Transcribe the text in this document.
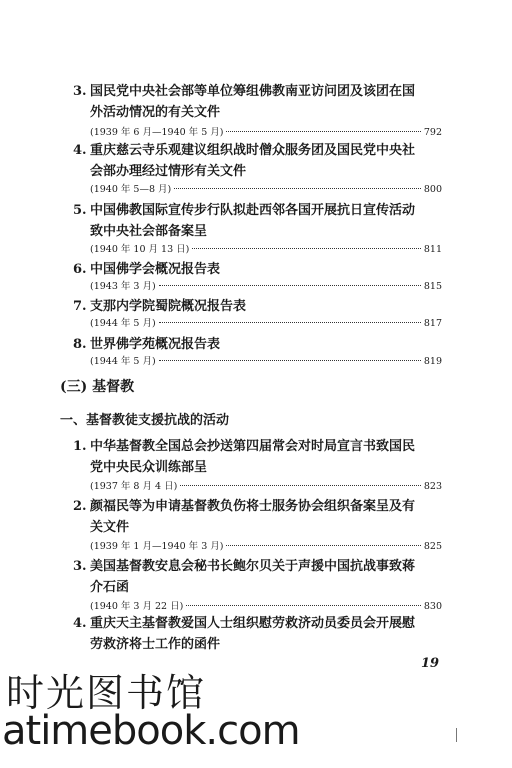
3. 国民党中央社会部等单位筹组佛教南亚访问团及该团在国
外活动情况的有关文件
(1939 年 6 月—1940 年 5 月)	792
4. 重庆慈云寺乐观建议组织战时僧众服务团及国民党中央社
会部办理经过情形有关文件
(1940 年 5—8 月)	800
5. 中国佛教国际宣传步行队拟赴西邻各国开展抗日宣传活动
致中央社会部备案呈
(1940 年 10 月 13 日)	811
6. 中国佛学会概况报告表
(1943 年 3 月)	815
7. 支那内学院蜀院概况报告表
(1944 年 5 月)	817
8. 世界佛学苑概况报告表
(1944 年 5 月)	819
(三) 基督教
一、基督教徒支援抗战的活动
1. 中华基督教全国总会抄送第四届常会对时局宣言书致国民
党中央民众训练部呈
(1937 年 8 月 4 日)	823
2. 颜福民等为申请基督教负伤将士服务协会组织备案呈及有
关文件
(1939 年 1 月—1940 年 3 月)	825
3. 美国基督教安息会秘书长鲍尔贝关于声援中国抗战事致蒋
介石函
(1940 年 3 月 22 日)	830
4. 重庆天主基督教爱国人士组织慰劳救济动员委员会开展慰
劳救济将士工作的函件
19
时光图书馆
atimebook.com
